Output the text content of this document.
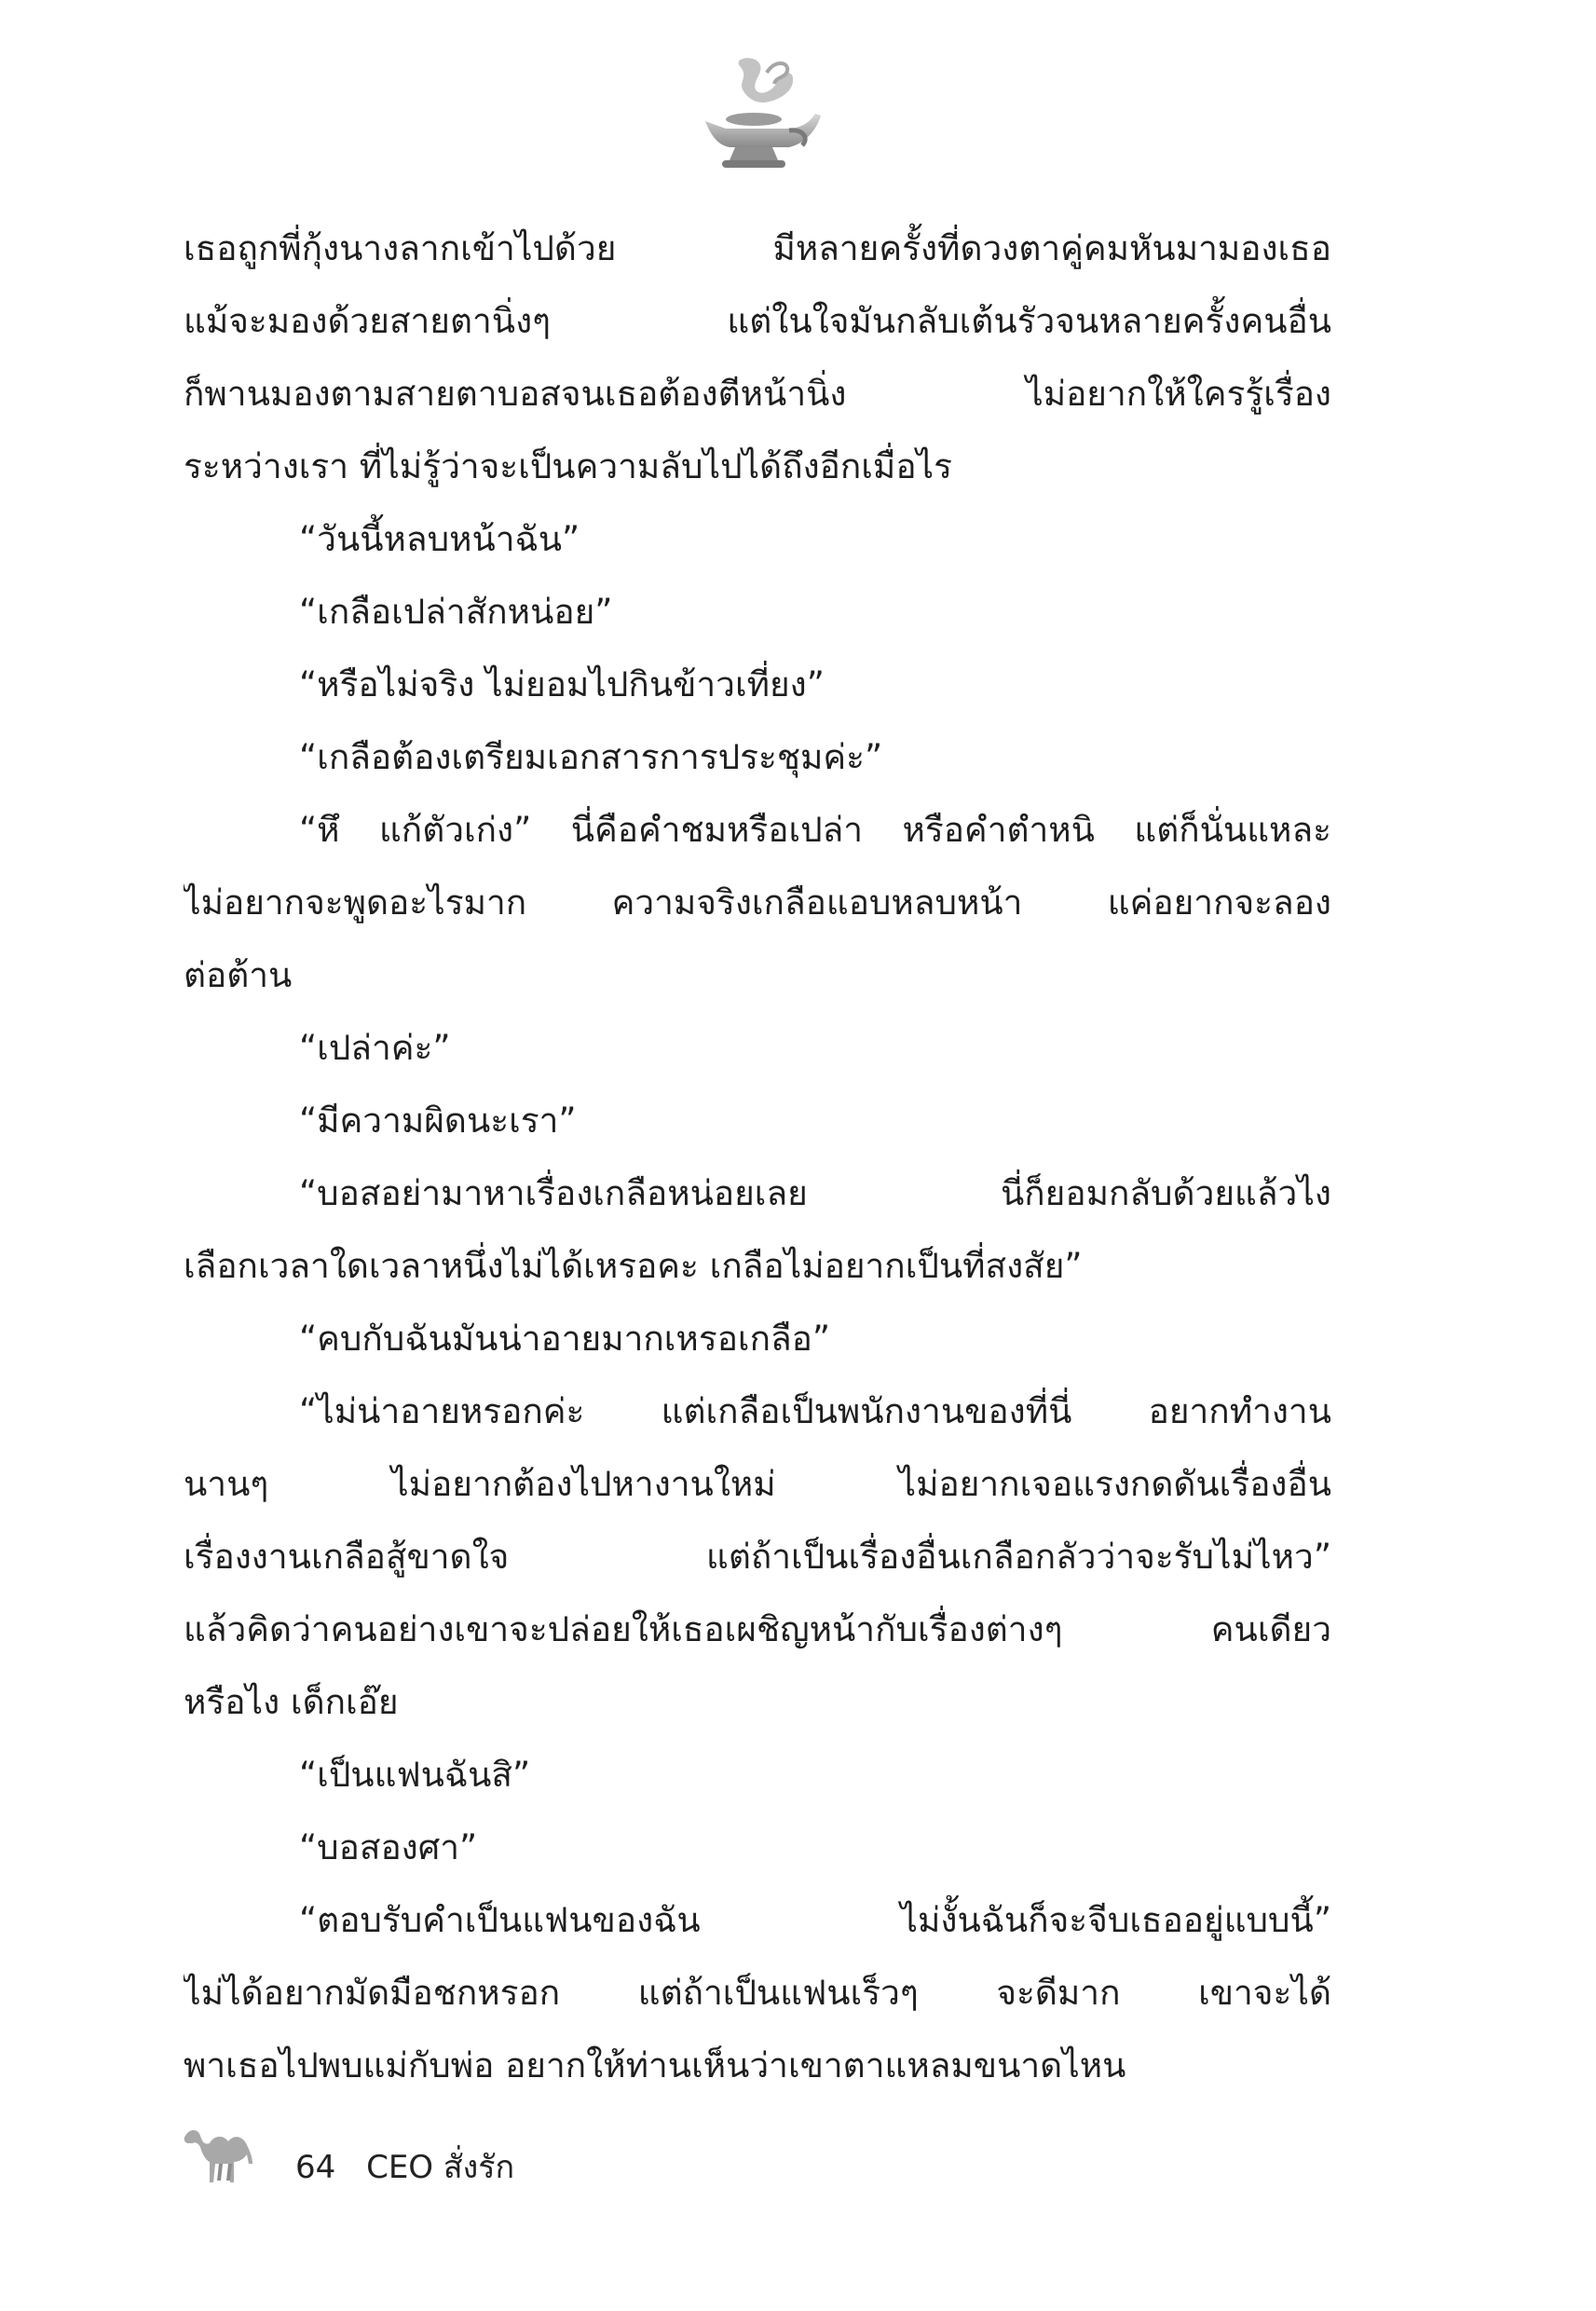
เธอถูกพี่กุ้งนางลากเข้าไปด้วย มีหลายครั้งที่ดวงตาคู่คมหันมามองเธอ
แม้จะมองด้วยสายตานิ่งๆ แต่ในใจมันกลับเต้นรัวจนหลายครั้งคนอื่น
ก็พานมองตามสายตาบอสจนเธอต้องตีหน้านิ่ง ไม่อยากให้ใครรู้เรื่อง
ระหว่างเรา ที่ไม่รู้ว่าจะเป็นความลับไปได้ถึงอีกเมื่อไร
“วันนี้หลบหน้าฉัน”
“เกลือเปล่าสักหน่อย”
“หรือไม่จริง ไม่ยอมไปกินข้าวเที่ยง”
“เกลือต้องเตรียมเอกสารการประชุมค่ะ”
“หึ แก้ตัวเก่ง” นี่คือคำชมหรือเปล่า หรือคำตำหนิ แต่ก็นั่นแหละ
ไม่อยากจะพูดอะไรมาก ความจริงเกลือแอบหลบหน้า แค่อยากจะลอง
ต่อต้าน
“เปล่าค่ะ”
“มีความผิดนะเรา”
“บอสอย่ามาหาเรื่องเกลือหน่อยเลย นี่ก็ยอมกลับด้วยแล้วไง
เลือกเวลาใดเวลาหนึ่งไม่ได้เหรอคะ เกลือไม่อยากเป็นที่สงสัย”
“คบกับฉันมันน่าอายมากเหรอเกลือ”
“ไม่น่าอายหรอกค่ะ แต่เกลือเป็นพนักงานของที่นี่ อยากทำงาน
นานๆ ไม่อยากต้องไปหางานใหม่ ไม่อยากเจอแรงกดดันเรื่องอื่น
เรื่องงานเกลือสู้ขาดใจ แต่ถ้าเป็นเรื่องอื่นเกลือกลัวว่าจะรับไม่ไหว”
แล้วคิดว่าคนอย่างเขาจะปล่อยให้เธอเผชิญหน้ากับเรื่องต่างๆ คนเดียว
หรือไง เด็กเอ๊ย
“เป็นแฟนฉันสิ”
“บอสองศา”
“ตอบรับคำเป็นแฟนของฉัน ไม่งั้นฉันก็จะจีบเธออยู่แบบนี้”
ไม่ได้อยากมัดมือชกหรอก แต่ถ้าเป็นแฟนเร็วๆ จะดีมาก เขาจะได้
พาเธอไปพบแม่กับพ่อ อยากให้ท่านเห็นว่าเขาตาแหลมขนาดไหน
64 CEO สั่งรัก
